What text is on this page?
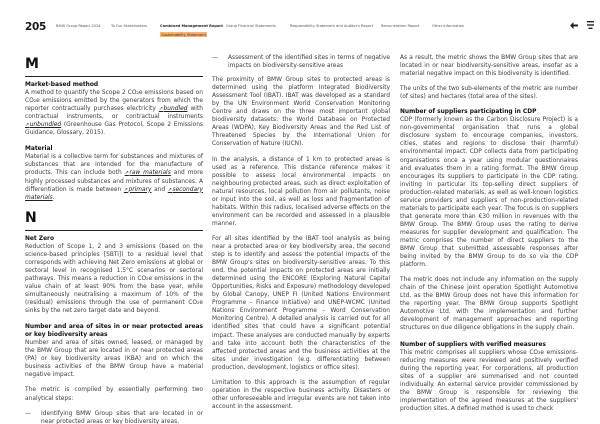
205	BMW Group Report 2024	To Our Stakeholders	Combined Management Report Group Financial Statements	Responsibility Statement and Auditor's Report Remuneration Report	Other Information
Sustainability Statement
M
Market-based method
A method to quantify the Scope 2 CO₂e emissions based on CO₂e emissions emitted by the generators from which the reporter contractually purchases electricity ↗ bundled with contractual instruments, or contractual instruments ↗ unbundled (Greenhouse Gas Protocol, Scope 2 Emissions Guidance, Glossary, 2015).
Material
Material is a collective term for substances and mixtures of substances that are intended for the manufacture of products. This can include both ↗ raw materials and more highly processed substances and mixtures of substances. A differentiation is made between ↗ primary and ↗ secondary materials.
N
Net Zero
Reduction of Scope 1, 2 and 3 emissions (based on the science-based principles [SBTi]) to a residual level that corresponds with achieving Net Zero emissions at global or sectoral level in recognised 1.5°C scenarios or sectoral pathways. This means a reduction in CO₂e emissions in the value chain of at least 90% from the base year, while simultaneously neutralising a maximum of 10% of the (residual) emissions through the use of permanent CO₂e sinks by the net zero target date and beyond.
Number and area of sites in or near protected areas or key biodiversity areas

Number and area of sites owned, leased, or managed by the BMW Group that are located in or near protected areas (PA) or key biodiversity areas (KBA) and on which the business activities of the BMW Group have a material negative impact.

The metric is compiled by essentially performing two analytical steps:

—	Identifying BMW Group sites that are located in or near protected areas or key biodiversity areas.
—	Assessment of the identified sites in terms of negative impacts on biodiversity-sensitive areas

The proximity of BMW Group sites to protected areas is determined using the platform Integrated Biodiversity Assessment Tool (IBAT). IBAT was developed as a standard by the UN Environment World Conservation Monitoring Centre and draws on the three most important global biodiversity datasets: the World Database on Protected Areas (WDPA), Key Biodiversity Areas and the Red List of Threatened Species by the International Union for Conservation of Nature (IUCN).

In the analysis, a distance of 1 km to protected areas is used as a reference. This distance reference makes it possible to assess local environmental impacts on neighbouring protected areas, such as direct exploitation of natural resources, local pollution from air pollutants, noise or input into the soil, as well as loss and fragmentation of habitats. Within this radius, localised adverse effects on the environment can be recorded and assessed in a plausible manner.

For all sites identified by the IBAT tool analysis as being near a protected area or key biodiversity area, the second step is to identify and assess the potential impacts of the BMW Group's sites on biodiversity-sensitive areas. To this end, the potential impacts on protected areas are initially determined using the ENCORE (Exploring Natural Capital Opportunities, Risks and Exposure) methodology developed by Global Canopy, UNEP FI (United Nations Environment Programme – Finance Initiative) and UNEP-WCMC (United Nations Environment Programme – Word Conservation Monitoring Centre). A detailed analysis is carried out for all identified sites that could have a significant potential impact. These analyses are conducted manually by experts and take into account both the characteristics of the affected protected areas and the business activities at the sites under investigation (e.g. differentiating between production, development, logistics or office sites).

Limitation to this approach is the assumption of regular operation in the respective business activity. Disasters or other unforeseeable and irregular events are not taken into account in the assessment.

As a result, the metric shows the BMW Group sites that are located in or near biodiversity-sensitive areas, insofar as a material negative impact on this biodiversity is identified.

The units of the two sub-elements of the metric are number (of sites) and hectares (total area of the sites).

Number of suppliers participating in CDP

CDP (formerly known as the Carbon Disclosure Project) is a non-governmental organisation that runs a global disclosure system to encourage companies, investors, cities, states and regions to disclose their (harmful) environmental impact. CDP collects data from participating organisations once a year using modular questionnaires and evaluates them in a rating format. The BMW Group encourages its suppliers to participate in the CDP rating, inviting in particular its top-selling direct suppliers of production-related materials, as well as well-known logistics service providers and suppliers of non-production-related materials to participate each year. The focus is on suppliers that generate more than €30 million in revenues with the BMW Group. The BMW Group uses the rating to derive measures for supplier development and qualification. The metric comprises the number of direct suppliers to the BMW Group that submitted assessable responses after being invited by the BMW Group to do so via the CDP platform.

The metric does not include any information on the supply chain of the Chinese joint operation Spotlight Automotive Ltd. as the BMW Group does not have this information for the reporting year. The BMW Group supports Spotlight Automotive Ltd. with the implementation and further development of management approaches and reporting structures on due diligence obligations in the supply chain.

Number of suppliers with verified measures
This metric comprises all suppliers whose CO₂e emissions-reducing measures were reviewed and positively verified during the reporting year. For corporations, all production sites of a supplier are summarised and not counted individually. An external service provider commissioned by the BMW Group is responsible for reviewing the implementation of the agreed measures at the suppliers' production sites. A defined method is used to check
